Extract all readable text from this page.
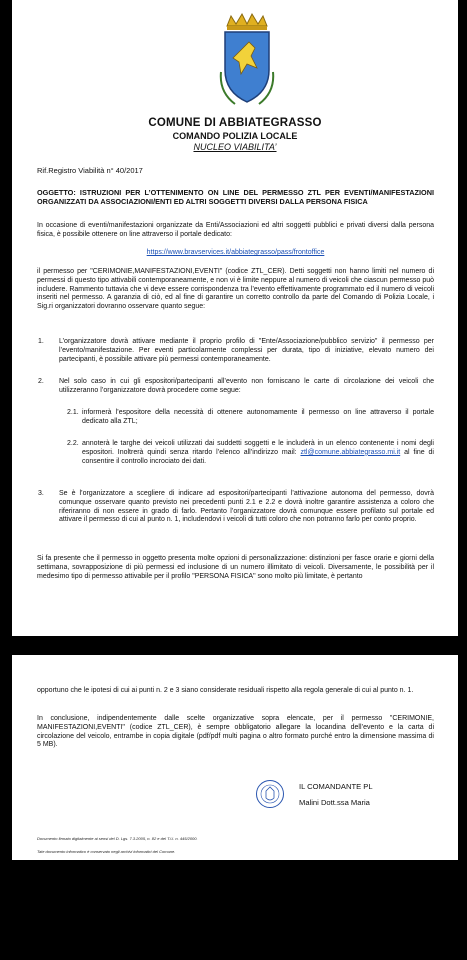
COMUNE DI ABBIATEGRASSO
COMANDO POLIZIA LOCALE
NUCLEO VIABILITA’
Rif.Registro Viabilità n° 40/2017
OGGETTO: ISTRUZIONI PER L’OTTENIMENTO ON LINE DEL PERMESSO ZTL PER EVENTI/MANIFESTAZIONI ORGANIZZATI DA ASSOCIAZIONI/ENTI ED ALTRI SOGGETTI DIVERSI DALLA PERSONA FISICA
In occasione di eventi/manifestazioni organizzate da Enti/Associazioni ed altri soggetti pubblici e privati diversi dalla persona fisica, è possibile ottenere on line attraverso il portale dedicato:
https://www.bravservices.it/abbiategrasso/pass/frontoffice
il permesso per "CERIMONIE,MANIFESTAZIONI,EVENTI" (codice ZTL_CER). Detti soggetti non hanno limiti nel numero di permessi di questo tipo attivabili contemporaneamente, e non vi è limite neppure al numero di veicoli che ciascun permesso può includere. Rammento tuttavia che vi deve essere corrispondenza tra l’evento effettivamente programmato ed il numero di veicoli inseriti nel permesso. A garanzia di ciò, ed al fine di garantire un corretto controllo da parte del Comando di Polizia Locale, i Sig.ri organizzatori dovranno osservare quanto segue:
1. L’organizzatore dovrà attivare mediante il proprio profilo di "Ente/Associazione/pubblico servizio" il permesso per l’evento/manifestazione. Per eventi particolarmente complessi per durata, tipo di iniziative, elevato numero dei partecipanti, è possibile attivare più permessi contemporaneamente.
2. Nel solo caso in cui gli espositori/partecipanti all’evento non forniscano le carte di circolazione dei veicoli che utilizzeranno l’organizzatore dovrà procedere come segue:
2.1. informerà l’espositore della necessità di ottenere autonomamente il permesso on line attraverso il portale dedicato alla ZTL;
2.2. annoterà le targhe dei veicoli utilizzati dai suddetti soggetti e le includerà in un elenco contenente i nomi degli espositori. Inoltrerà quindi senza ritardo l’elenco all’indirizzo mail: ztl@comune.abbiategrasso.mi.it al fine di consentire il controllo incrociato dei dati.
3. Se è l’organizzatore a scegliere di indicare ad espositori/partecipanti l’attivazione autonoma del permesso, dovrà comunque osservare quanto previsto nei precedenti punti 2.1 e 2.2 e dovrà inoltre garantire assistenza a coloro che riferiranno di non essere in grado di farlo. Pertanto l’organizzatore dovrà comunque essere profilato sul portale ed attivare il permesso di cui al punto n. 1, includendovi i veicoli di tutti coloro che non potranno farlo per conto proprio.
Si fa presente che il permesso in oggetto presenta molte opzioni di personalizzazione: distinzioni per fasce orarie e giorni della settimana, sovrapposizione di più permessi ed inclusione di un numero illimitato di veicoli. Diversamente, le possibilità per il medesimo tipo di permesso attivabile per il profilo "PERSONA FISICA" sono molto più limitate, è pertanto
opportuno che le ipotesi di cui ai punti n. 2 e 3 siano considerate residuali rispetto alla regola generale di cui al punto n. 1.
In conclusione, indipendentemente dalle scelte organizzative sopra elencate, per il permesso "CERIMONIE, MANIFESTAZIONI,EVENTI" (codice ZTL_CER), è sempre obbligatorio allegare la locandina dell’evento e la carta di circolazione del veicolo, entrambe in copia digitale (pdf/pdf multi pagina o altro formato purché entro la dimensione massima di 5 MB).
IL COMANDANTE PL
Malini Dott.ssa Maria
Documento firmato digitalmente ai sensi del D. Lgs. 7.3.2005, n. 82 e del T.U. n. 445/2000.
Tale documento informatico è conservato negli archivi informatici del Comune.
